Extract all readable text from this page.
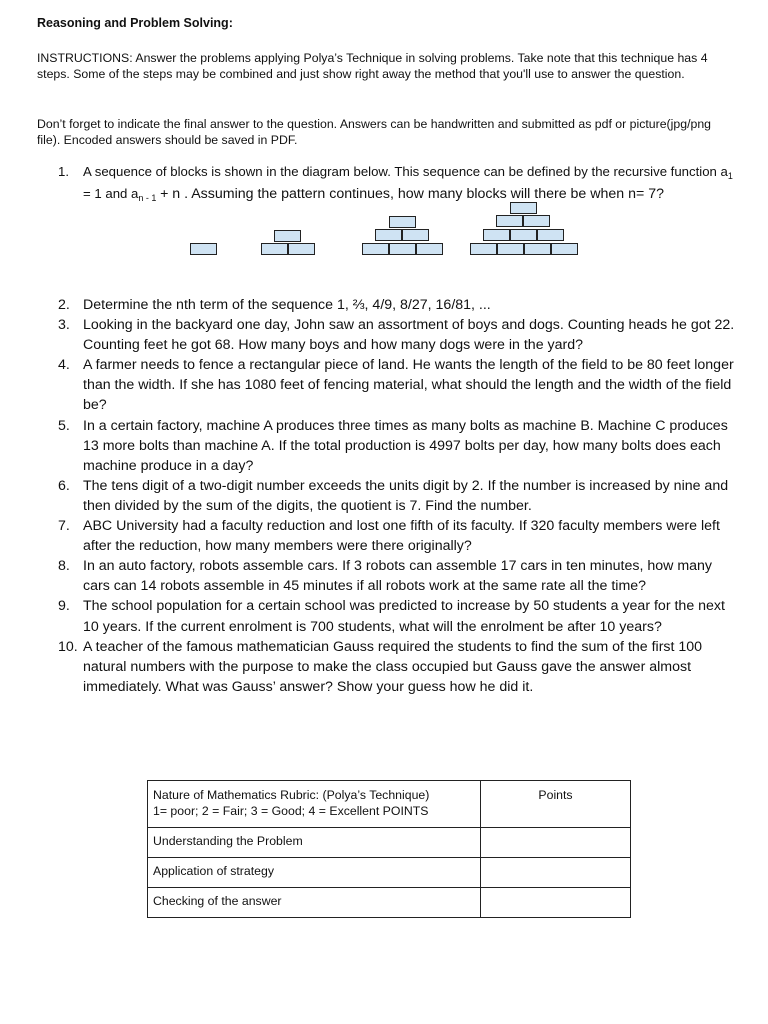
Reasoning and Problem Solving:
INSTRUCTIONS: Answer the problems applying Polya’s Technique in solving problems. Take note that this technique has 4 steps. Some of the steps may be combined and just show right away the method that you'll use to answer the question.
Don’t forget to indicate the final answer to the question. Answers can be handwritten and submitted as pdf or picture(jpg/png file). Encoded answers should be saved in PDF.
1.	A sequence of blocks is shown in the diagram below. This sequence can be defined by the recursive function $a_1$
= 1 and $a_{n - 1} + n$ . Assuming the pattern continues, how many blocks will there be when n= 7?
2. Determine the nth term of the sequence 1, ⅔, 4/9, 8/27, 16/81, ...
3. Looking in the backyard one day, John saw an assortment of boys and dogs. Counting heads he got 22. Counting feet he got 68. How many boys and how many dogs were in the yard?
4. A farmer needs to fence a rectangular piece of land. He wants the length of the field to be 80 feet longer than the width. If she has 1080 feet of fencing material, what should the length and the width of the field be?
5. In a certain factory, machine A produces three times as many bolts as machine B. Machine C produces 13 more bolts than machine A. If the total production is 4997 bolts per day, how many bolts does each machine produce in a day?
6. The tens digit of a two-digit number exceeds the units digit by 2. If the number is increased by nine and then divided by the sum of the digits, the quotient is 7. Find the number.
7. ABC University had a faculty reduction and lost one fifth of its faculty. If 320 faculty members were left after the reduction, how many members were there originally?
8. In an auto factory, robots assemble cars. If 3 robots can assemble 17 cars in ten minutes, how many cars can 14 robots assemble in 45 minutes if all robots work at the same rate all the time?
9. The school population for a certain school was predicted to increase by 50 students a year for the next 10 years. If the current enrolment is 700 students, what will the enrolment be after 10 years?
10. A teacher of the famous mathematician Gauss required the students to find the sum of the first 100 natural numbers with the purpose to make the class occupied but Gauss gave the answer almost immediately. What was Gauss’ answer? Show your guess how he did it.
Nature of Mathematics Rubric: (Polya’s Technique)
1= poor; 2 = Fair; 3 = Good; 4 = Excellent POINTS	Points
Understanding the Problem	
Application of strategy	
Checking of the answer	
